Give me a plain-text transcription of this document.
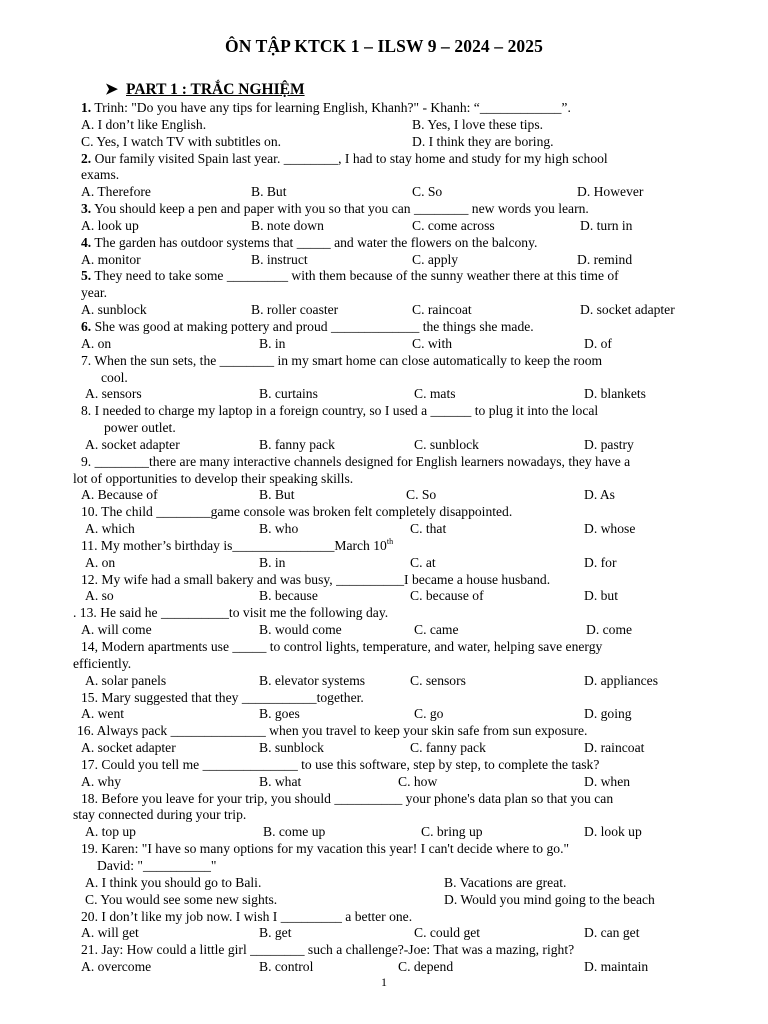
ÔN TẬP KTCK 1 – ILSW 9 – 2024 – 2025
➤ PART 1 : TRẮC NGHIỆM
1. Trinh: "Do you have any tips for learning English, Khanh?" - Khanh: “____________”.
A. I don’t like English.	B. Yes, I love these tips.
C. Yes, I watch TV with subtitles on.	D. I think they are boring.
2. Our family visited Spain last year. ________, I had to stay home and study for my high school
exams.
A. Therefore	B. But	C. So	D. However
3. You should keep a pen and paper with you so that you can ________ new words you learn.
A. look up	B. note down	C. come across	D. turn in
4. The garden has outdoor systems that _____ and water the flowers on the balcony.
A. monitor	B. instruct	C. apply	D. remind
5. They need to take some _________ with them because of the sunny weather there at this time of
year.
A. sunblock	B. roller coaster	C. raincoat	D. socket adapter
6. She was good at making pottery and proud _____________ the things she made.
A. on	B. in	C. with	D. of
7. When the sun sets, the ________ in my smart home can close automatically to keep the room
cool.
A. sensors	B. curtains	C. mats	D. blankets
8. I needed to charge my laptop in a foreign country, so I used a ______ to plug it into the local
power outlet.
A. socket adapter	B. fanny pack	C. sunblock	D. pastry
9. ________there are many interactive channels designed for English learners nowadays, they have a
lot of opportunities to develop their speaking skills.
A. Because of	B. But	C. So	D. As
10. The child ________game console was broken felt completely disappointed.
A. which	B. who	C. that	D. whose
11. My mother’s birthday is_______________March 10th
A. on	B. in	C. at	D. for
12. My wife had a small bakery and was busy, __________I became a house husband.
A. so	B. because	C. because of	D. but
. 13. He said he __________to visit me the following day.
A. will come	B. would come	C. came	D. come
14, Modern apartments use _____ to control lights, temperature, and water, helping save energy
efficiently.
A. solar panels	B. elevator systems	C. sensors	D. appliances
15. Mary suggested that they ___________together.
A. went	B. goes	C. go	D. going
16. Always pack ______________ when you travel to keep your skin safe from sun exposure.
A. socket adapter	B. sunblock	C. fanny pack	D. raincoat
17. Could you tell me ______________ to use this software, step by step, to complete the task?
A. why	B. what	C. how	D. when
18. Before you leave for your trip, you should __________ your phone's data plan so that you can
stay connected during your trip.
A. top up	B. come up	C. bring up	D. look up
19. Karen: "I have so many options for my vacation this year! I can't decide where to go."
David: "__________"
A. I think you should go to Bali.	B. Vacations are great.
C. You would see some new sights.	D. Would you mind going to the beach
20. I don’t like my job now. I wish I _________ a better one.
A. will get	B. get	C. could get	D. can get
21. Jay: How could a little girl ________ such a challenge?-Joe: That was a mazing, right?
A. overcome	B. control	C. depend	D. maintain
1
